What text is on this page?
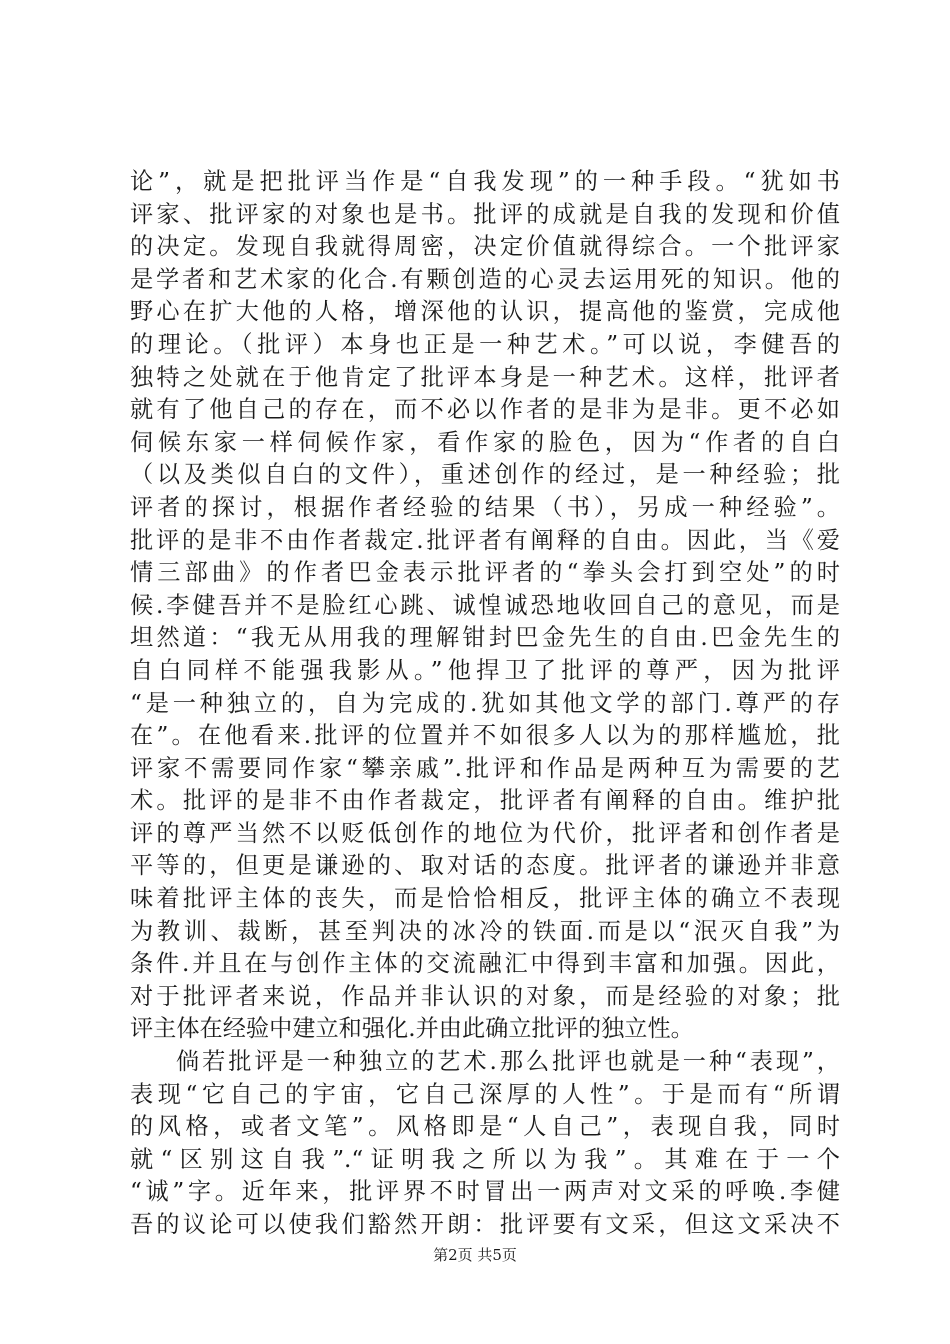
论”，就是把批评当作是“自我发现”的一种手段。“犹如书
评家、批评家的对象也是书。批评的成就是自我的发现和价值
的决定。发现自我就得周密，决定价值就得综合。一个批评家
是学者和艺术家的化合.有颗创造的心灵去运用死的知识。他的
野心在扩大他的人格，增深他的认识，提高他的鉴赏，完成他
的理论。（批评）本身也正是一种艺术。”可以说，李健吾的
独特之处就在于他肯定了批评本身是一种艺术。这样，批评者
就有了他自己的存在，而不必以作者的是非为是非。更不必如
伺候东家一样伺候作家，看作家的脸色，因为“作者的自白
（以及类似自白的文件），重述创作的经过，是一种经验；批
评者的探讨，根据作者经验的结果（书），另成一种经验”。
批评的是非不由作者裁定.批评者有阐释的自由。因此，当《爱
情三部曲》的作者巴金表示批评者的“拳头会打到空处”的时
候.李健吾并不是脸红心跳、诚惶诚恐地收回自己的意见，而是
坦然道：“我无从用我的理解钳封巴金先生的自由.巴金先生的
自白同样不能强我影从。”他捍卫了批评的尊严，因为批评
“是一种独立的，自为完成的.犹如其他文学的部门.尊严的存
在”。在他看来.批评的位置并不如很多人以为的那样尴尬，批
评家不需要同作家“攀亲戚”.批评和作品是两种互为需要的艺
术。批评的是非不由作者裁定，批评者有阐释的自由。维护批
评的尊严当然不以贬低创作的地位为代价，批评者和创作者是
平等的，但更是谦逊的、取对话的态度。批评者的谦逊并非意
味着批评主体的丧失，而是恰恰相反，批评主体的确立不表现
为教训、裁断，甚至判决的冰冷的铁面.而是以“泯灭自我”为
条件.并且在与创作主体的交流融汇中得到丰富和加强。因此，
对于批评者来说，作品并非认识的对象，而是经验的对象；批
评主体在经验中建立和强化.并由此确立批评的独立性。
倘若批评是一种独立的艺术.那么批评也就是一种“表现”，
表现“它自己的宇宙，它自己深厚的人性”。于是而有“所谓
的风格，或者文笔”。风格即是“人自己”，表现自我，同时
就“区别这自我”.“证明我之所以为我”。其难在于一个
“诚”字。近年来，批评界不时冒出一两声对文采的呼唤.李健
吾的议论可以使我们豁然开朗：批评要有文采，但这文采决不
第2页 共5页
